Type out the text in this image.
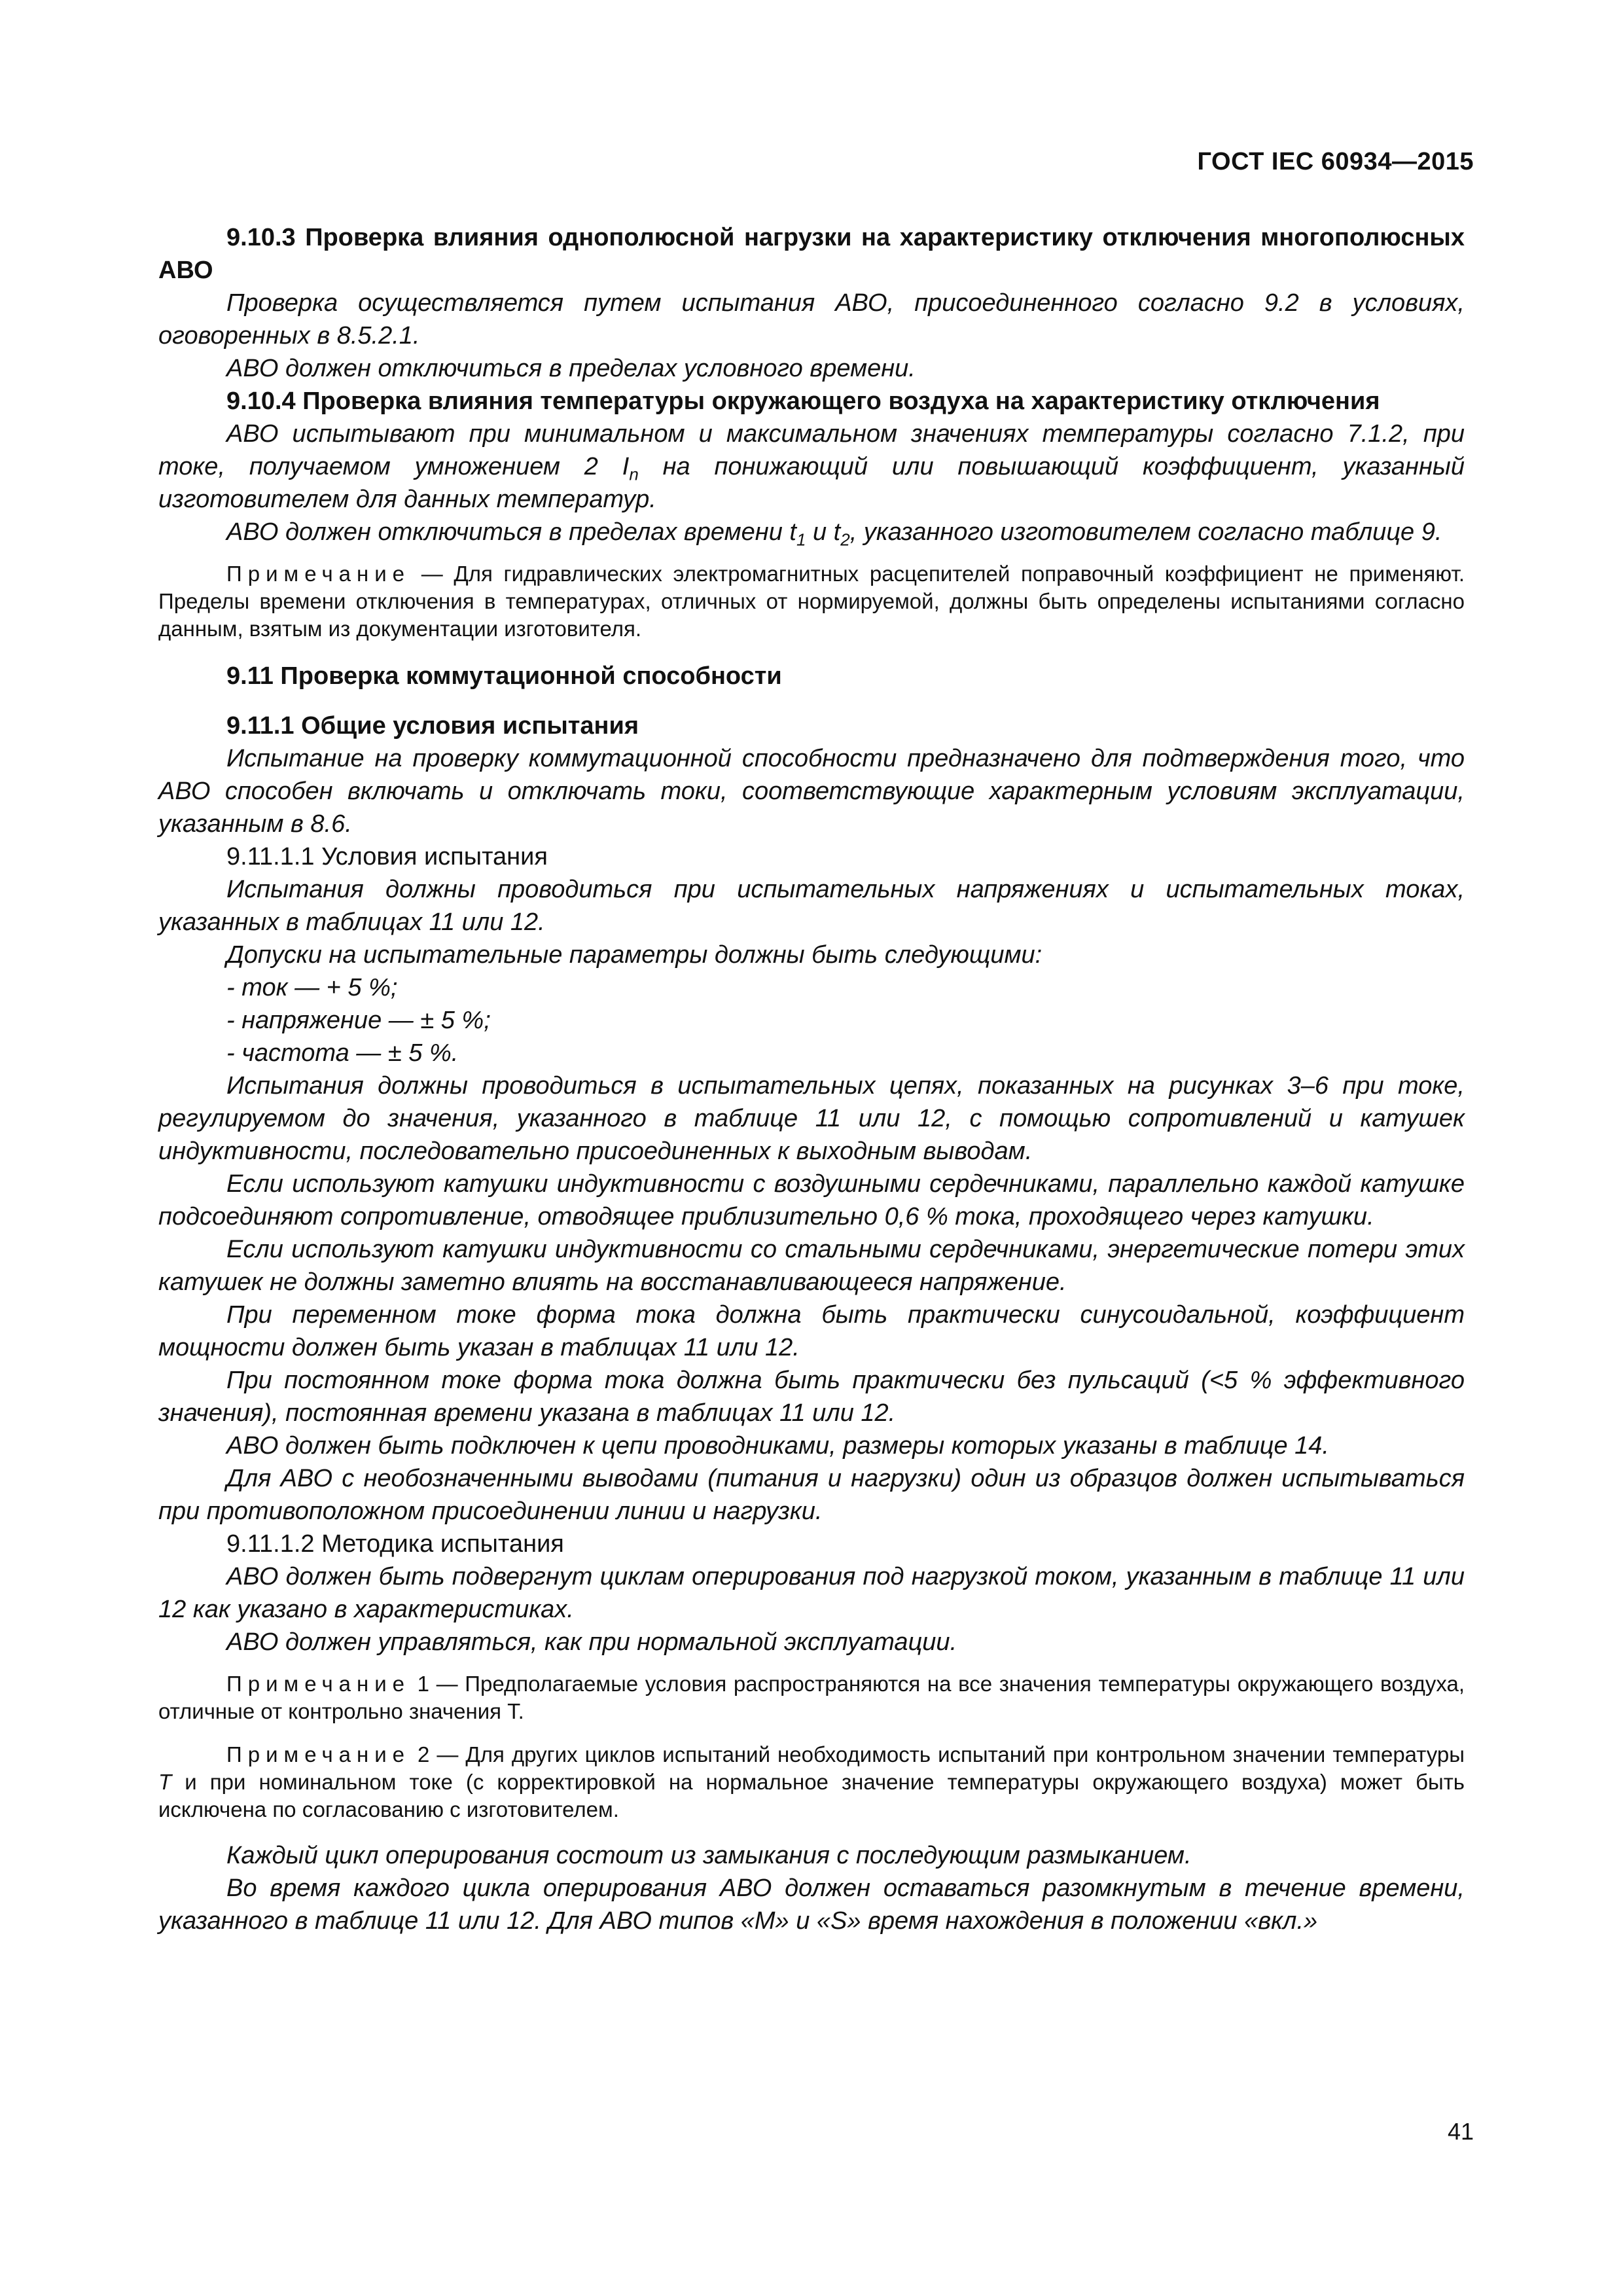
ГОСТ IEC 60934—2015

9.10.3 Проверка влияния однополюсной нагрузки на характеристику отключения многополюсных АВО

Проверка осуществляется путем испытания АВО, присоединенного согласно 9.2 в условиях, оговоренных в 8.5.2.1.

АВО должен отключиться в пределах условного времени.

9.10.4 Проверка влияния температуры окружающего воздуха на характеристику отключения

АВО испытывают при минимальном и максимальном значениях температуры согласно 7.1.2, при токе, получаемом умножением 2 $I_n$ на понижающий или повышающий коэффициент, указанный изготовителем для данных температур.

АВО должен отключиться в пределах времени $t_1$ и $t_2$, указанного изготовителем согласно таблице 9.

Примечание — Для гидравлических электромагнитных расцепителей поправочный коэффициент не применяют. Пределы времени отключения в температурах, отличных от нормируемой, должны быть определены испытаниями согласно данным, взятым из документации изготовителя.

9.11 Проверка коммутационной способности

9.11.1 Общие условия испытания

Испытание на проверку коммутационной способности предназначено для подтверждения того, что АВО способен включать и отключать токи, соответствующие характерным условиям эксплуатации, указанным в 8.6.

9.11.1.1 Условия испытания

Испытания должны проводиться при испытательных напряжениях и испытательных токах, указанных в таблицах 11 или 12.

Допуски на испытательные параметры должны быть следующими:

- ток — + 5 %;
- напряжение — ± 5 %;
- частота — ± 5 %.

Испытания должны проводиться в испытательных цепях, показанных на рисунках 3–6 при токе, регулируемом до значения, указанного в таблице 11 или 12, с помощью сопротивлений и катушек индуктивности, последовательно присоединенных к выходным выводам.

Если используют катушки индуктивности с воздушными сердечниками, параллельно каждой катушке подсоединяют сопротивление, отводящее приблизительно 0,6 % тока, проходящего через катушки.

Если используют катушки индуктивности со стальными сердечниками, энергетические потери этих катушек не должны заметно влиять на восстанавливающееся напряжение.

При переменном токе форма тока должна быть практически синусоидальной, коэффициент мощности должен быть указан в таблицах 11 или 12.

При постоянном токе форма тока должна быть практически без пульсаций (<5 % эффективного значения), постоянная времени указана в таблицах 11 или 12.

АВО должен быть подключен к цепи проводниками, размеры которых указаны в таблице 14.

Для АВО с необозначенными выводами (питания и нагрузки) один из образцов должен испытываться при противоположном присоединении линии и нагрузки.

9.11.1.2 Методика испытания

АВО должен быть подвергнут циклам оперирования под нагрузкой током, указанным в таблице 11 или 12 как указано в характеристиках.

АВО должен управляться, как при нормальной эксплуатации.

Примечание 1 — Предполагаемые условия распространяются на все значения температуры окружающего воздуха, отличные от контрольно значения Т.

Примечание 2 — Для других циклов испытаний необходимость испытаний при контрольном значении температуры T и при номинальном токе (с корректировкой на нормальное значение температуры окружающего воздуха) может быть исключена по согласованию с изготовителем.

Каждый цикл оперирования состоит из замыкания с последующим размыканием.

Во время каждого цикла оперирования АВО должен оставаться разомкнутым в течение времени, указанного в таблице 11 или 12. Для АВО типов «М» и «S» время нахождения в положении «вкл.»

41
